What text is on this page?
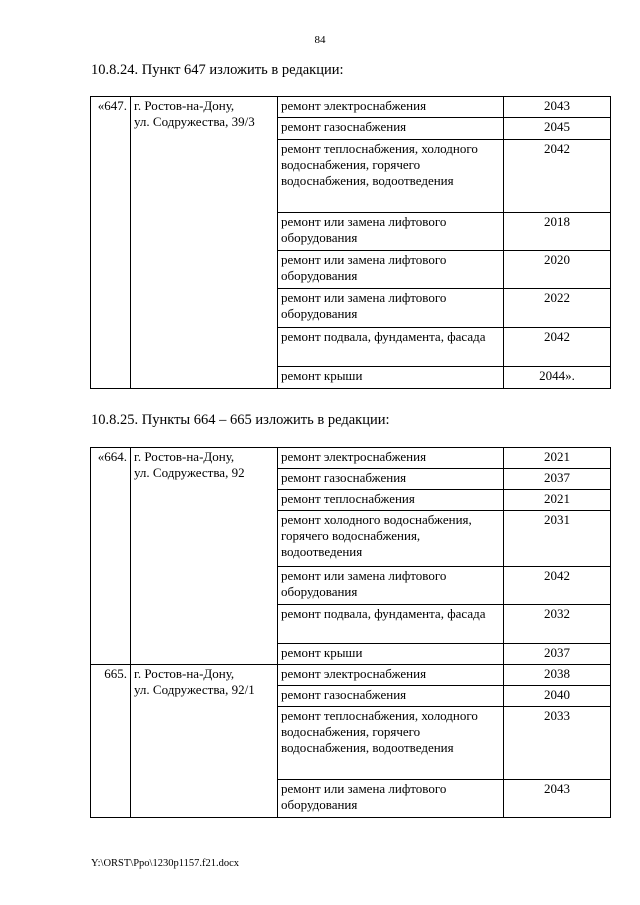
84
10.8.24. Пункт 647 изложить в редакции:
«647.	г. Ростов-на-Дону,
ул. Содружества, 39/3	ремонт электроснабжения	2043
		ремонт газоснабжения	2045
		ремонт теплоснабжения, холодного водоснабжения, горячего водоснабжения, водоотведения	2042
		ремонт или замена лифтового оборудования	2018
		ремонт или замена лифтового оборудования	2020
		ремонт или замена лифтового оборудования	2022
		ремонт подвала, фундамента, фасада	2042
		ремонт крыши	2044».
10.8.25. Пункты 664 – 665 изложить в редакции:
«664.	г. Ростов-на-Дону,
ул. Содружества, 92	ремонт электроснабжения	2021
		ремонт газоснабжения	2037
		ремонт теплоснабжения	2021
		ремонт холодного водоснабжения, горячего водоснабжения, водоотведения	2031
		ремонт или замена лифтового оборудования	2042
		ремонт подвала, фундамента, фасада	2032
		ремонт крыши	2037
665.	г. Ростов-на-Дону,
ул. Содружества, 92/1	ремонт электроснабжения	2038
		ремонт газоснабжения	2040
		ремонт теплоснабжения, холодного водоснабжения, горячего водоснабжения, водоотведения	2033
		ремонт или замена лифтового оборудования	2043
Y:\ORST\Ppo\1230p1157.f21.docx
